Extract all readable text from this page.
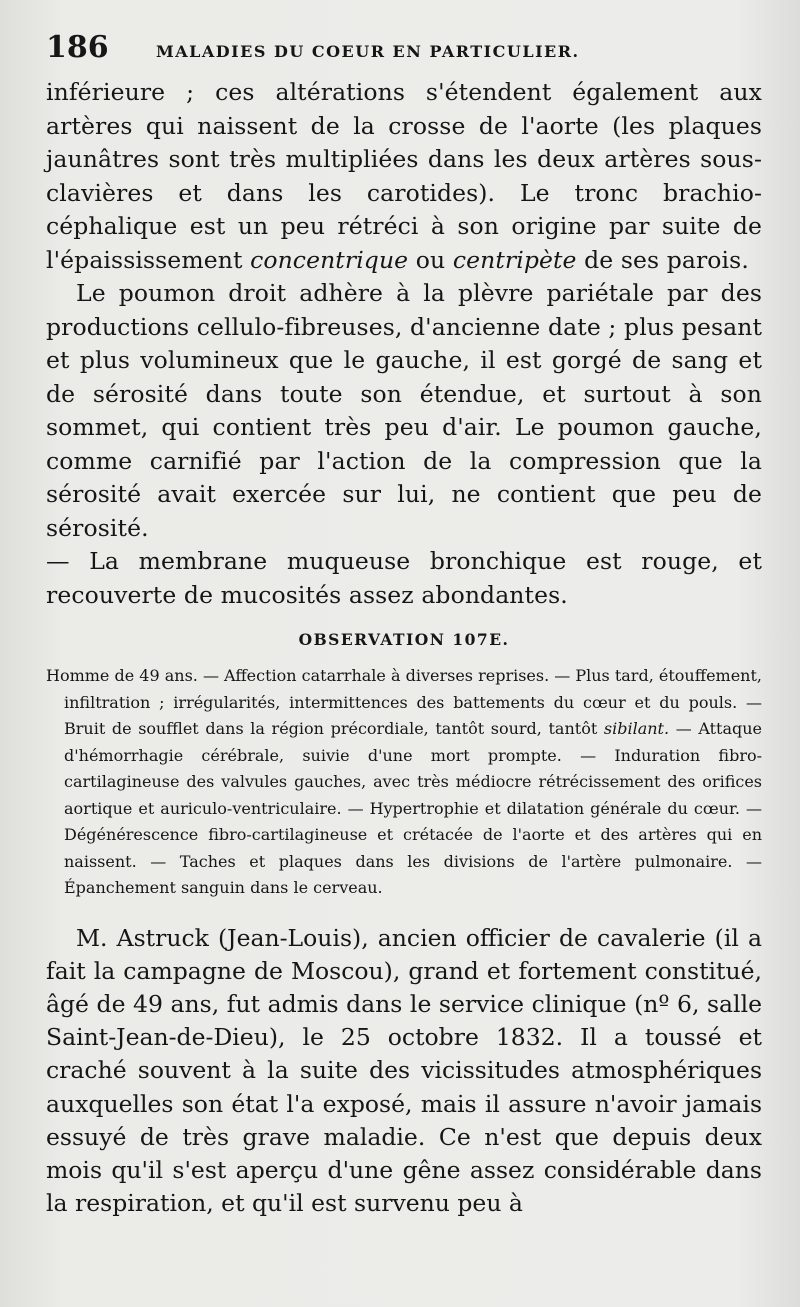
186	MALADIES DU COEUR EN PARTICULIER.

inférieure ; ces altérations s'étendent également aux artères qui naissent de la crosse de l'aorte (les plaques jaunâtres sont très multipliées dans les deux artères sous-clavières et dans les carotides). Le tronc brachio-céphalique est un peu rétréci à son origine par suite de l'épaississement concentrique ou centripète de ses parois.

Le poumon droit adhère à la plèvre pariétale par des productions cellulo-fibreuses, d'ancienne date ; plus pesant et plus volumineux que le gauche, il est gorgé de sang et de sérosité dans toute son étendue, et surtout à son sommet, qui contient très peu d'air. Le poumon gauche, comme carnifié par l'action de la compression que la sérosité avait exercée sur lui, ne contient que peu de sérosité.

— La membrane muqueuse bronchique est rouge, et recouverte de mucosités assez abondantes.

OBSERVATION 107E.

Homme de 49 ans. — Affection catarrhale à diverses reprises. — Plus tard, étouffement, infiltration ; irrégularités, intermittences des battements du cœur et du pouls. — Bruit de soufflet dans la région précordiale, tantôt sourd, tantôt sibilant. — Attaque d'hémorrhagie cérébrale, suivie d'une mort prompte. — Induration fibro-cartilagineuse des valvules gauches, avec très médiocre rétrécissement des orifices aortique et auriculo-ventriculaire. — Hypertrophie et dilatation générale du cœur. — Dégénérescence fibro-cartilagineuse et crétacée de l'aorte et des artères qui en naissent. — Taches et plaques dans les divisions de l'artère pulmonaire. — Épanchement sanguin dans le cerveau.

M. Astruck (Jean-Louis), ancien officier de cavalerie (il a fait la campagne de Moscou), grand et fortement constitué, âgé de 49 ans, fut admis dans le service clinique (nº 6, salle Saint-Jean-de-Dieu), le 25 octobre 1832. Il a toussé et craché souvent à la suite des vicissitudes atmosphériques auxquelles son état l'a exposé, mais il assure n'avoir jamais essuyé de très grave maladie. Ce n'est que depuis deux mois qu'il s'est aperçu d'une gêne assez considérable dans la respiration, et qu'il est survenu peu à
